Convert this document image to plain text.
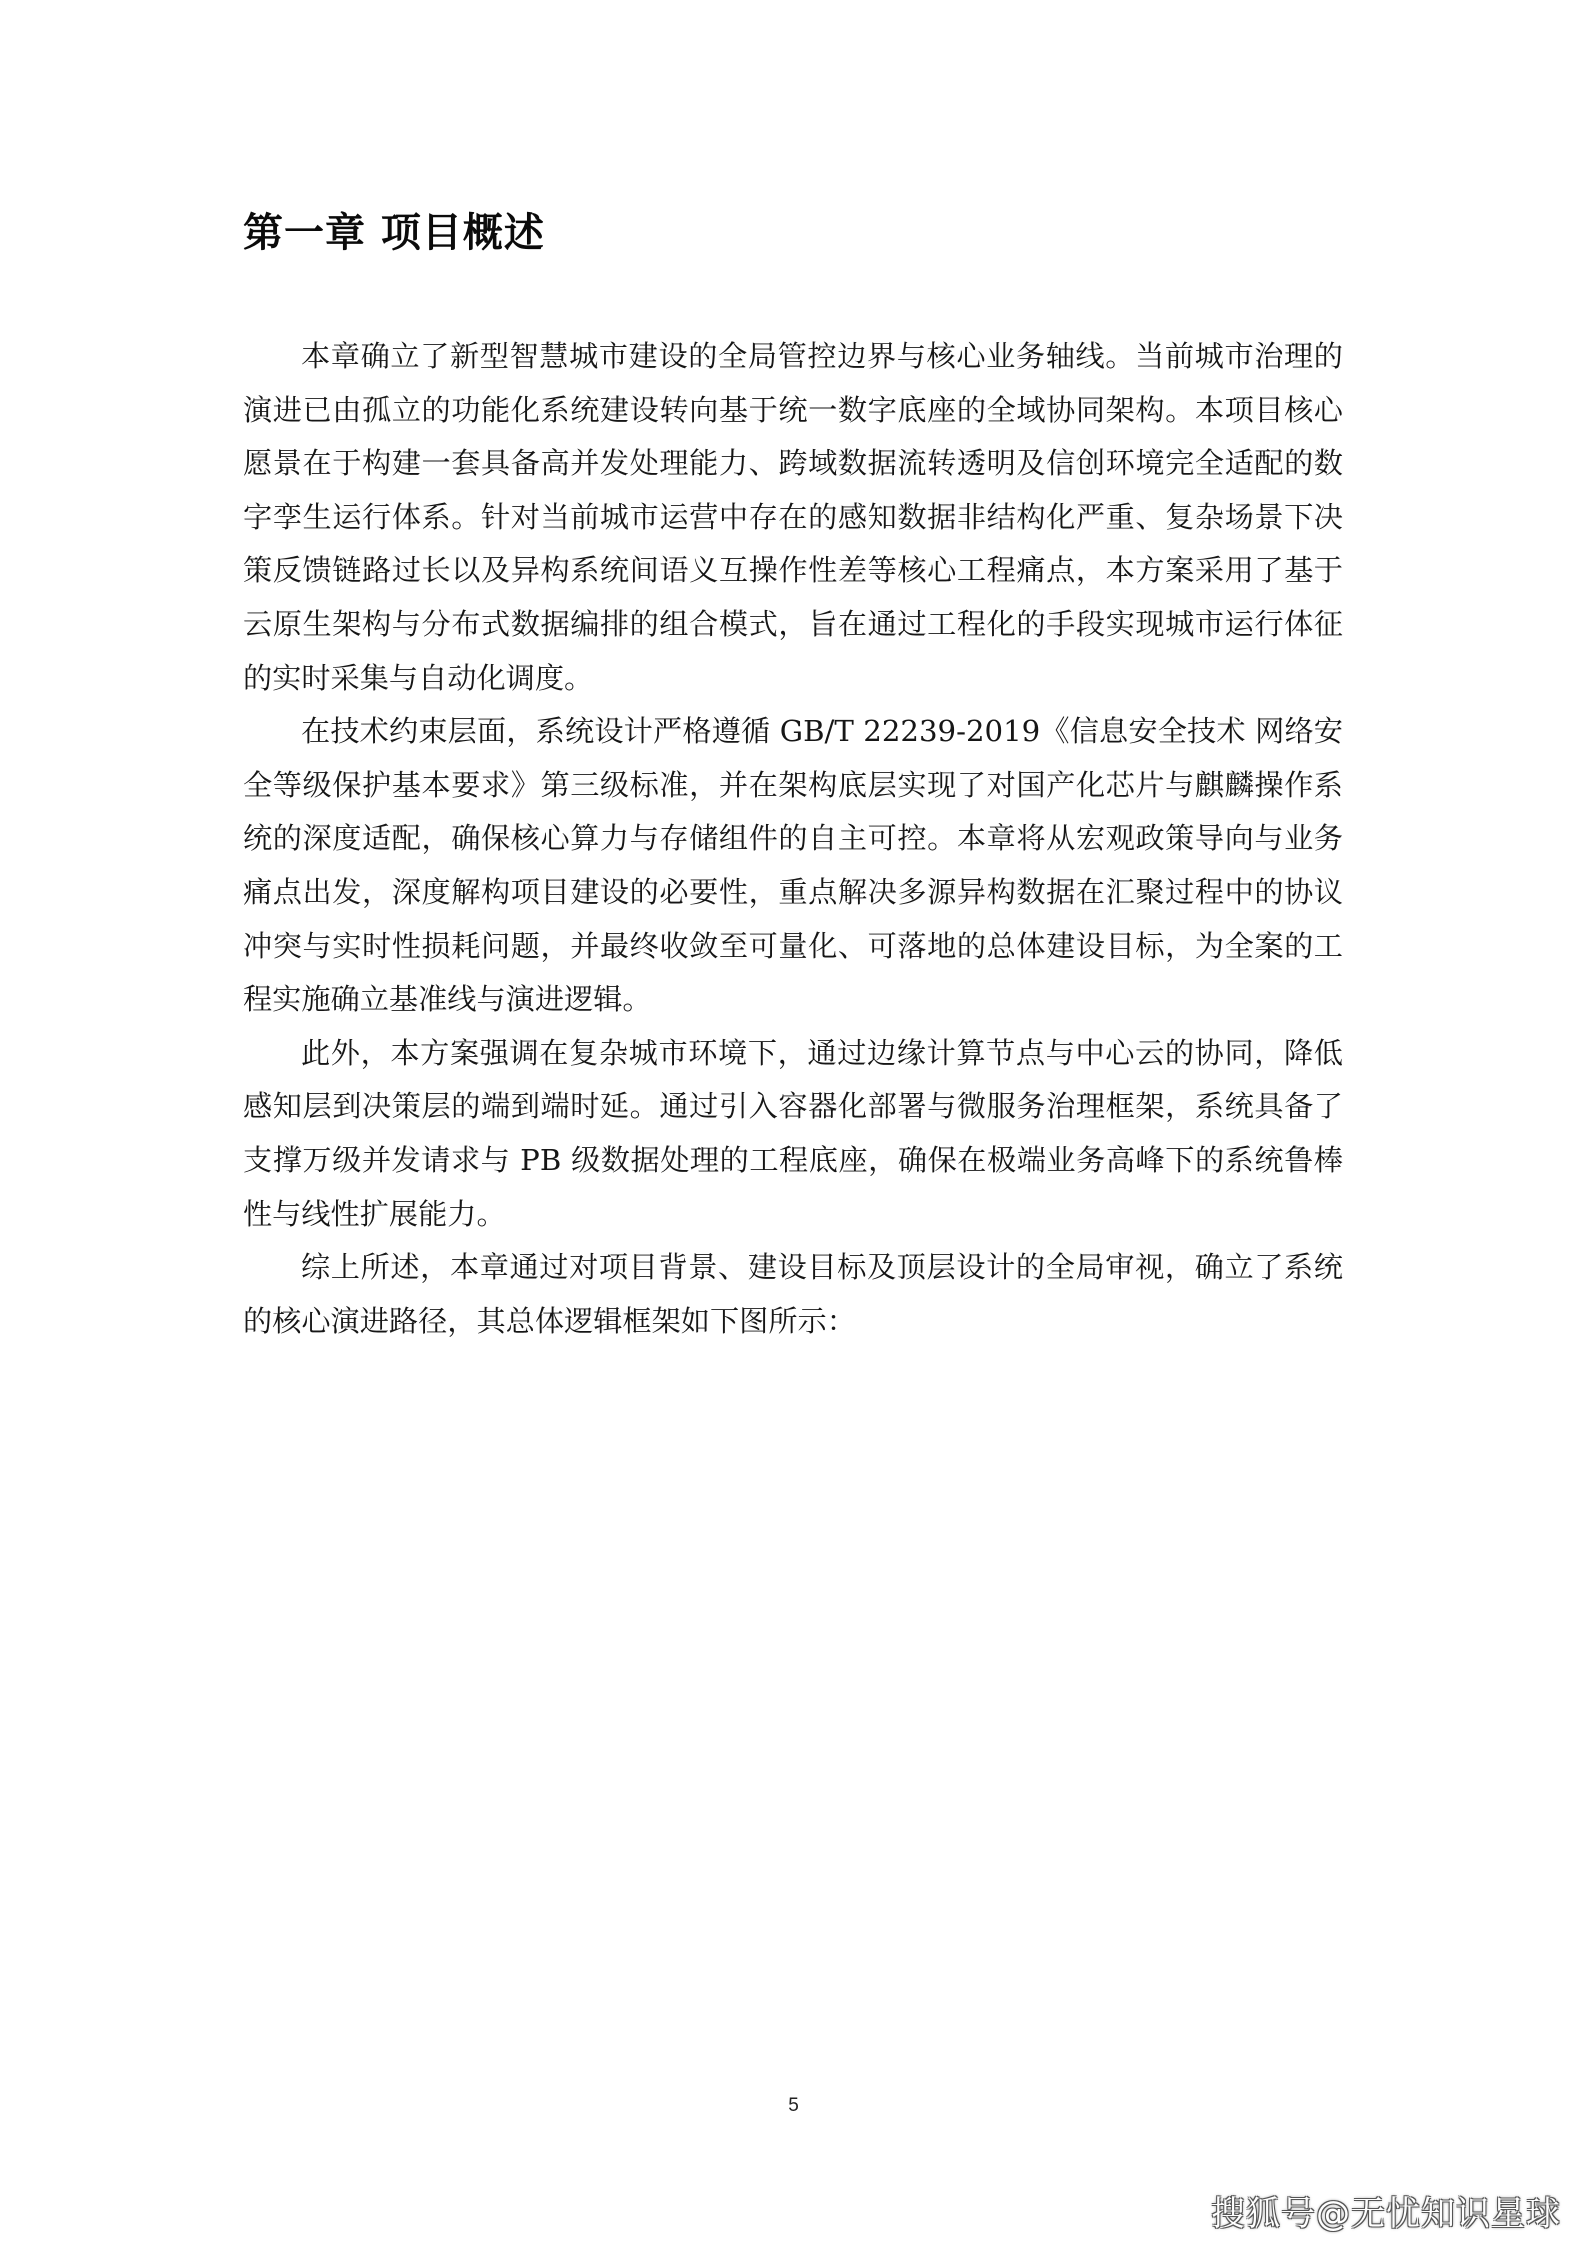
第一章 项目概述

本章确立了新型智慧城市建设的全局管控边界与核心业务轴线。当前城市治理的演进已由孤立的功能化系统建设转向基于统一数字底座的全域协同架构。本项目核心愿景在于构建一套具备高并发处理能力、跨域数据流转透明及信创环境完全适配的数字孪生运行体系。针对当前城市运营中存在的感知数据非结构化严重、复杂场景下决策反馈链路过长以及异构系统间语义互操作性差等核心工程痛点，本方案采用了基于云原生架构与分布式数据编排的组合模式，旨在通过工程化的手段实现城市运行体征的实时采集与自动化调度。

在技术约束层面，系统设计严格遵循 GB/T 22239-2019《信息安全技术 网络安全等级保护基本要求》第三级标准，并在架构底层实现了对国产化芯片与麒麟操作系统的深度适配，确保核心算力与存储组件的自主可控。本章将从宏观政策导向与业务痛点出发，深度解构项目建设的必要性，重点解决多源异构数据在汇聚过程中的协议冲突与实时性损耗问题，并最终收敛至可量化、可落地的总体建设目标，为全案的工程实施确立基准线与演进逻辑。

此外，本方案强调在复杂城市环境下，通过边缘计算节点与中心云的协同，降低感知层到决策层的端到端时延。通过引入容器化部署与微服务治理框架，系统具备了支撑万级并发请求与 PB 级数据处理的工程底座，确保在极端业务高峰下的系统鲁棒性与线性扩展能力。

综上所述，本章通过对项目背景、建设目标及顶层设计的全局审视，确立了系统的核心演进路径，其总体逻辑框架如下图所示：

5
搜狐号@无忧知识星球
